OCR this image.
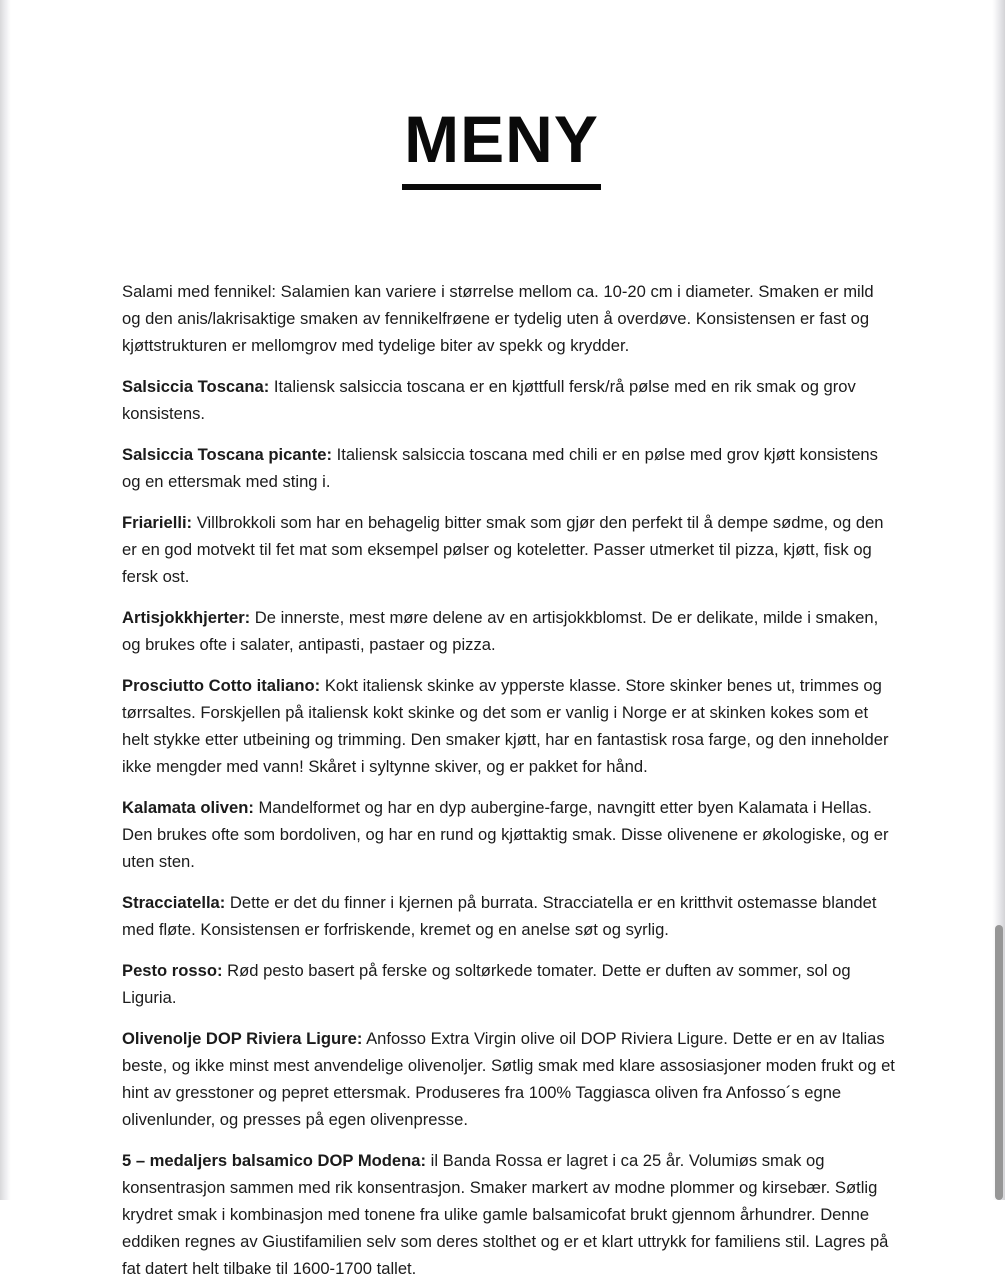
MENY

Salami med fennikel: Salamien kan variere i størrelse mellom ca. 10-20 cm i diameter. Smaken er mild og den anis/lakrisaktige smaken av fennikelfrøene er tydelig uten å overdøve. Konsistensen er fast og kjøttstrukturen er mellomgrov med tydelige biter av spekk og krydder.

Salsiccia Toscana: Italiensk salsiccia toscana er en kjøttfull fersk/rå pølse med en rik smak og grov konsistens.

Salsiccia Toscana picante: Italiensk salsiccia toscana med chili er en pølse med grov kjøtt konsistens og en ettersmak med sting i.

Friarielli: Villbrokkoli som har en behagelig bitter smak som gjør den perfekt til å dempe sødme, og den er en god motvekt til fet mat som eksempel pølser og koteletter. Passer utmerket til pizza, kjøtt, fisk og fersk ost.

Artisjokkhjerter: De innerste, mest møre delene av en artisjokkblomst. De er delikate, milde i smaken, og brukes ofte i salater, antipasti, pastaer og pizza.

Prosciutto Cotto italiano: Kokt italiensk skinke av ypperste klasse. Store skinker benes ut, trimmes og tørrsaltes. Forskjellen på italiensk kokt skinke og det som er vanlig i Norge er at skinken kokes som et helt stykke etter utbeining og trimming. Den smaker kjøtt, har en fantastisk rosa farge, og den inneholder ikke mengder med vann! Skåret i syltynne skiver, og er pakket for hånd.

Kalamata oliven: Mandelformet og har en dyp aubergine-farge, navngitt etter byen Kalamata i Hellas. Den brukes ofte som bordoliven, og har en rund og kjøttaktig smak. Disse olivenene er økologiske, og er uten sten.

Stracciatella: Dette er det du finner i kjernen på burrata. Stracciatella er en kritthvit ostemasse blandet med fløte. Konsistensen er forfriskende, kremet og en anelse søt og syrlig.

Pesto rosso: Rød pesto basert på ferske og soltørkede tomater. Dette er duften av sommer, sol og Liguria.

Olivenolje DOP Riviera Ligure: Anfosso Extra Virgin olive oil DOP Riviera Ligure. Dette er en av Italias beste, og ikke minst mest anvendelige olivenoljer. Søtlig smak med klare assosiasjoner moden frukt og et hint av gresstoner og pepret ettersmak. Produseres fra 100% Taggiasca oliven fra Anfosso´s egne olivenlunder, og presses på egen olivenpresse.

5 – medaljers balsamico DOP Modena: il Banda Rossa er lagret i ca 25 år. Volumiøs smak og konsentrasjon sammen med rik konsentrasjon. Smaker markert av modne plommer og kirsebær. Søtlig krydret smak i kombinasjon med tonene fra ulike gamle balsamicofat brukt gjennom århundrer. Denne eddiken regnes av Giustifamilien selv som deres stolthet og er et klart uttrykk for familiens stil. Lagres på fat datert helt tilbake til 1600-1700 tallet.
